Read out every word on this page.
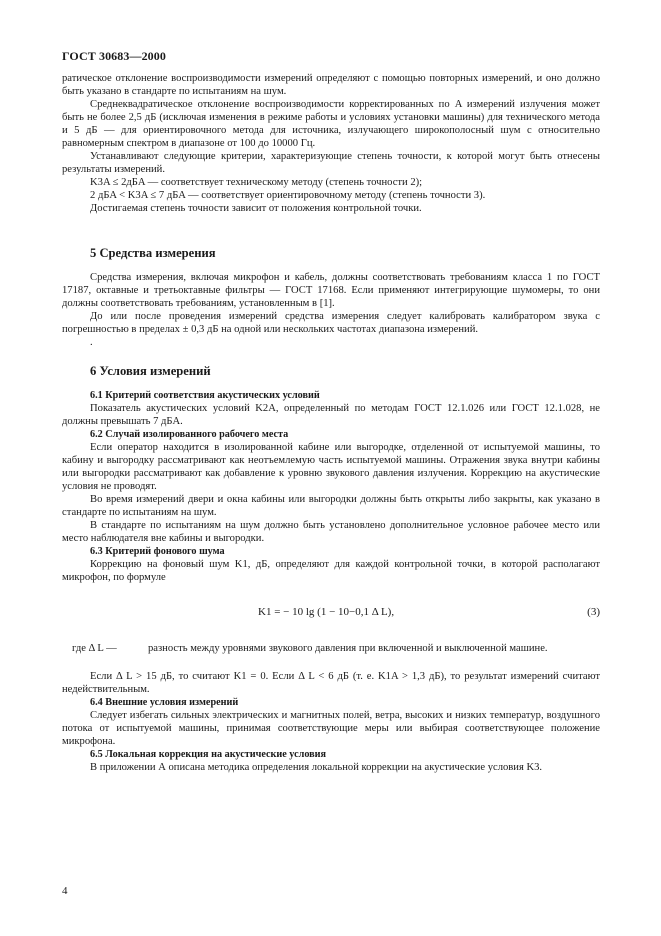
ГОСТ 30683—2000

ратическое отклонение воспроизводимости измерений определяют с помощью повторных измерений, и оно должно быть указано в стандарте по испытаниям на шум.

Среднеквадратическое отклонение воспроизводимости корректированных по A измерений излучения может быть не более 2,5 дБ (исключая изменения в режиме работы и условиях установки машины) для технического метода и 5 дБ — для ориентировочного метода для источника, излучающего широкополосный шум с относительно равномерным спектром в диапазоне от 100 до 10000 Гц.

Устанавливают следующие критерии, характеризующие степень точности, к которой могут быть отнесены результаты измерений.

K3A ≤ 2дБA — соответствует техническому методу (степень точности 2);

2 дБA < K3A ≤ 7 дБA — соответствует ориентировочному методу (степень точности 3).

Достигаемая степень точности зависит от положения контрольной точки.

5 Средства измерения

Средства измерения, включая микрофон и кабель, должны соответствовать требованиям класса 1 по ГОСТ 17187, октавные и третьоктавные фильтры — ГОСТ 17168. Если применяют интегрирующие шумомеры, то они должны соответствовать требованиям, установленным в [1].

До или после проведения измерений средства измерения следует калибровать калибратором звука с погрешностью в пределах ± 0,3 дБ на одной или нескольких частотах диапазона измерений.

.

6 Условия измерений

6.1 Критерий соответствия акустических условий

Показатель акустических условий K2A, определенный по методам ГОСТ 12.1.026 или ГОСТ 12.1.028, не должны превышать 7 дБA.

6.2 Случай изолированного рабочего места

Если оператор находится в изолированной кабине или выгородке, отделенной от испытуемой машины, то кабину и выгородку рассматривают как неотъемлемую часть испытуемой машины. Отражения звука внутри кабины или выгородки рассматривают как добавление к уровню звукового давления излучения. Коррекцию на акустические условия не проводят.

Во время измерений двери и окна кабины или выгородки должны быть открыты либо закрыты, как указано в стандарте по испытаниям на шум.

В стандарте по испытаниям на шум должно быть установлено дополнительное условное рабочее место или место наблюдателя вне кабины и выгородки.

6.3 Критерий фонового шума

Коррекцию на фоновый шум K1, дБ, определяют для каждой контрольной точки, в которой располагают микрофон, по формуле

K1 = − 10 lg (1 − 10−0,1 Δ L),	(3)
где Δ L —	разность между уровнями звукового давления при включенной и выключенной машине.

Если Δ L > 15 дБ, то считают K1 = 0. Если Δ L < 6 дБ (т. е. K1A > 1,3 дБ), то результат измерений считают недействительным.

6.4 Внешние условия измерений

Следует избегать сильных электрических и магнитных полей, ветра, высоких и низких температур, воздушного потока от испытуемой машины, принимая соответствующие меры или выбирая соответствующее положение микрофона.

6.5 Локальная коррекция на акустические условия

В приложении А описана методика определения локальной коррекции на акустические условия K3.

4
